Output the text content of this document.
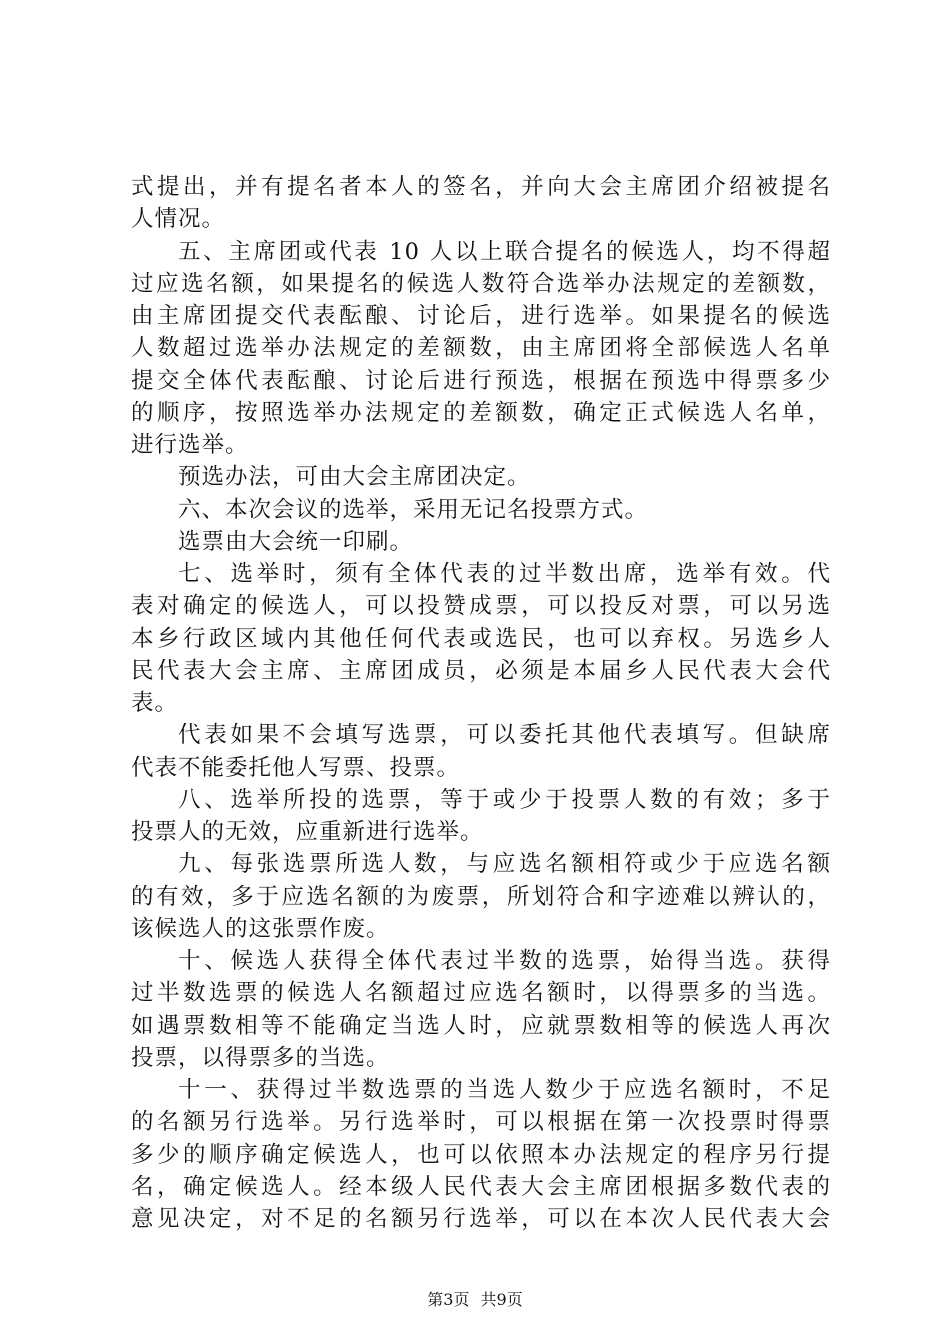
式提出，并有提名者本人的签名，并向大会主席团介绍被提名
人情况。
五、主席团或代表 10 人以上联合提名的候选人，均不得超
过应选名额，如果提名的候选人数符合选举办法规定的差额数，
由主席团提交代表酝酿、讨论后，进行选举。如果提名的候选
人数超过选举办法规定的差额数，由主席团将全部候选人名单
提交全体代表酝酿、讨论后进行预选，根据在预选中得票多少
的顺序，按照选举办法规定的差额数，确定正式候选人名单，
进行选举。
预选办法，可由大会主席团决定。
六、本次会议的选举，采用无记名投票方式。
选票由大会统一印刷。
七、选举时，须有全体代表的过半数出席，选举有效。代
表对确定的候选人，可以投赞成票，可以投反对票，可以另选
本乡行政区域内其他任何代表或选民，也可以弃权。另选乡人
民代表大会主席、主席团成员，必须是本届乡人民代表大会代
表。
代表如果不会填写选票，可以委托其他代表填写。但缺席
代表不能委托他人写票、投票。
八、选举所投的选票，等于或少于投票人数的有效；多于
投票人的无效，应重新进行选举。
九、每张选票所选人数，与应选名额相符或少于应选名额
的有效，多于应选名额的为废票，所划符合和字迹难以辨认的，
该候选人的这张票作废。
十、候选人获得全体代表过半数的选票，始得当选。获得
过半数选票的候选人名额超过应选名额时，以得票多的当选。
如遇票数相等不能确定当选人时，应就票数相等的候选人再次
投票，以得票多的当选。
十一、获得过半数选票的当选人数少于应选名额时，不足
的名额另行选举。另行选举时，可以根据在第一次投票时得票
多少的顺序确定候选人，也可以依照本办法规定的程序另行提
名，确定候选人。经本级人民代表大会主席团根据多数代表的
意见决定，对不足的名额另行选举，可以在本次人民代表大会
第3页 共9页
